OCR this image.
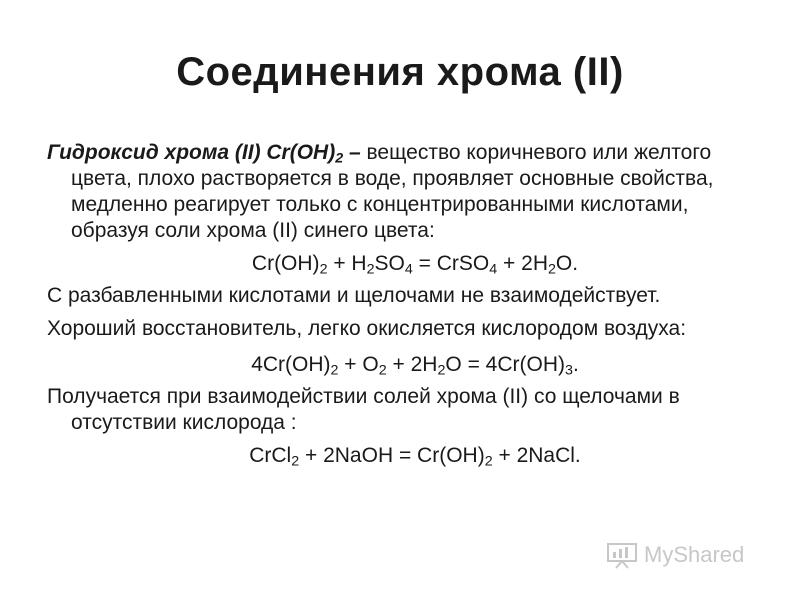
Соединения хрома (II)

Гидроксид хрома (II) $Cr(OH)_2$ – вещество коричневого или желтого цвета, плохо растворяется в воде, проявляет основные свойства, медленно реагирует только с концентрированными кислотами, образуя соли хрома (II) синего цвета:

$Cr(OH)_2 + H_2SO_4$ = CrSO$_4$ + $2H_2O$.

С разбавленными кислотами и щелочами не взаимодействует.

Хороший восстановитель, легко окисляется кислородом воздуха:

$4Cr(OH)_2 + O_2 + 2H_2O = 4Cr(OH)_3$.

Получается при взаимодействии солей хрома (II) со щелочами в отсутствии кислорода :

CrCl$_2$ + 2NaOH = $Cr(OH)_2$ + 2NaCl.
MyShared
